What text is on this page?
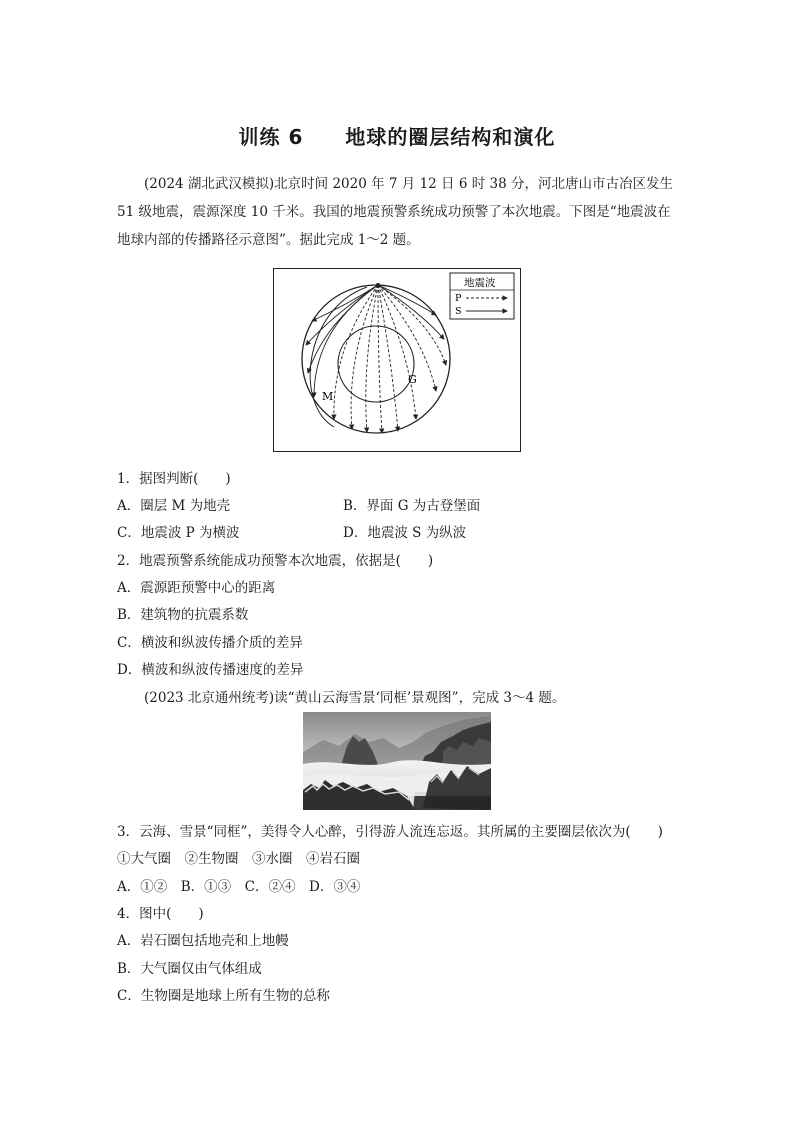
训练 6　　地球的圈层结构和演化
(2024 湖北武汉模拟)北京时间 2020 年 7 月 12 日 6 时 38 分，河北唐山市古冶区发生 51 级地震，震源深度 10 千米。我国的地震预警系统成功预警了本次地震。下图是“地震波在地球内部的传播路径示意图”。据此完成 1～2 题。
M
G
地震波
P
S
1．据图判断(　　)
A．圈层 M 为地壳	B．界面 G 为古登堡面
C．地震波 P 为横波	D．地震波 S 为纵波
2．地震预警系统能成功预警本次地震，依据是(　　)
A．震源距预警中心的距离
B．建筑物的抗震系数
C．横波和纵波传播介质的差异
D．横波和纵波传播速度的差异
(2023 北京通州统考)读“黄山云海雪景‘同框’景观图”，完成 3～4 题。
3．云海、雪景“同框”，美得令人心醉，引得游人流连忘返。其所属的主要圈层依次为(　　)
①大气圈　②生物圈　③水圈　④岩石圈
A．①②　B．①③　C．②④　D．③④
4．图中(　　)
A．岩石圈包括地壳和上地幔
B．大气圈仅由气体组成
C．生物圈是地球上所有生物的总称
